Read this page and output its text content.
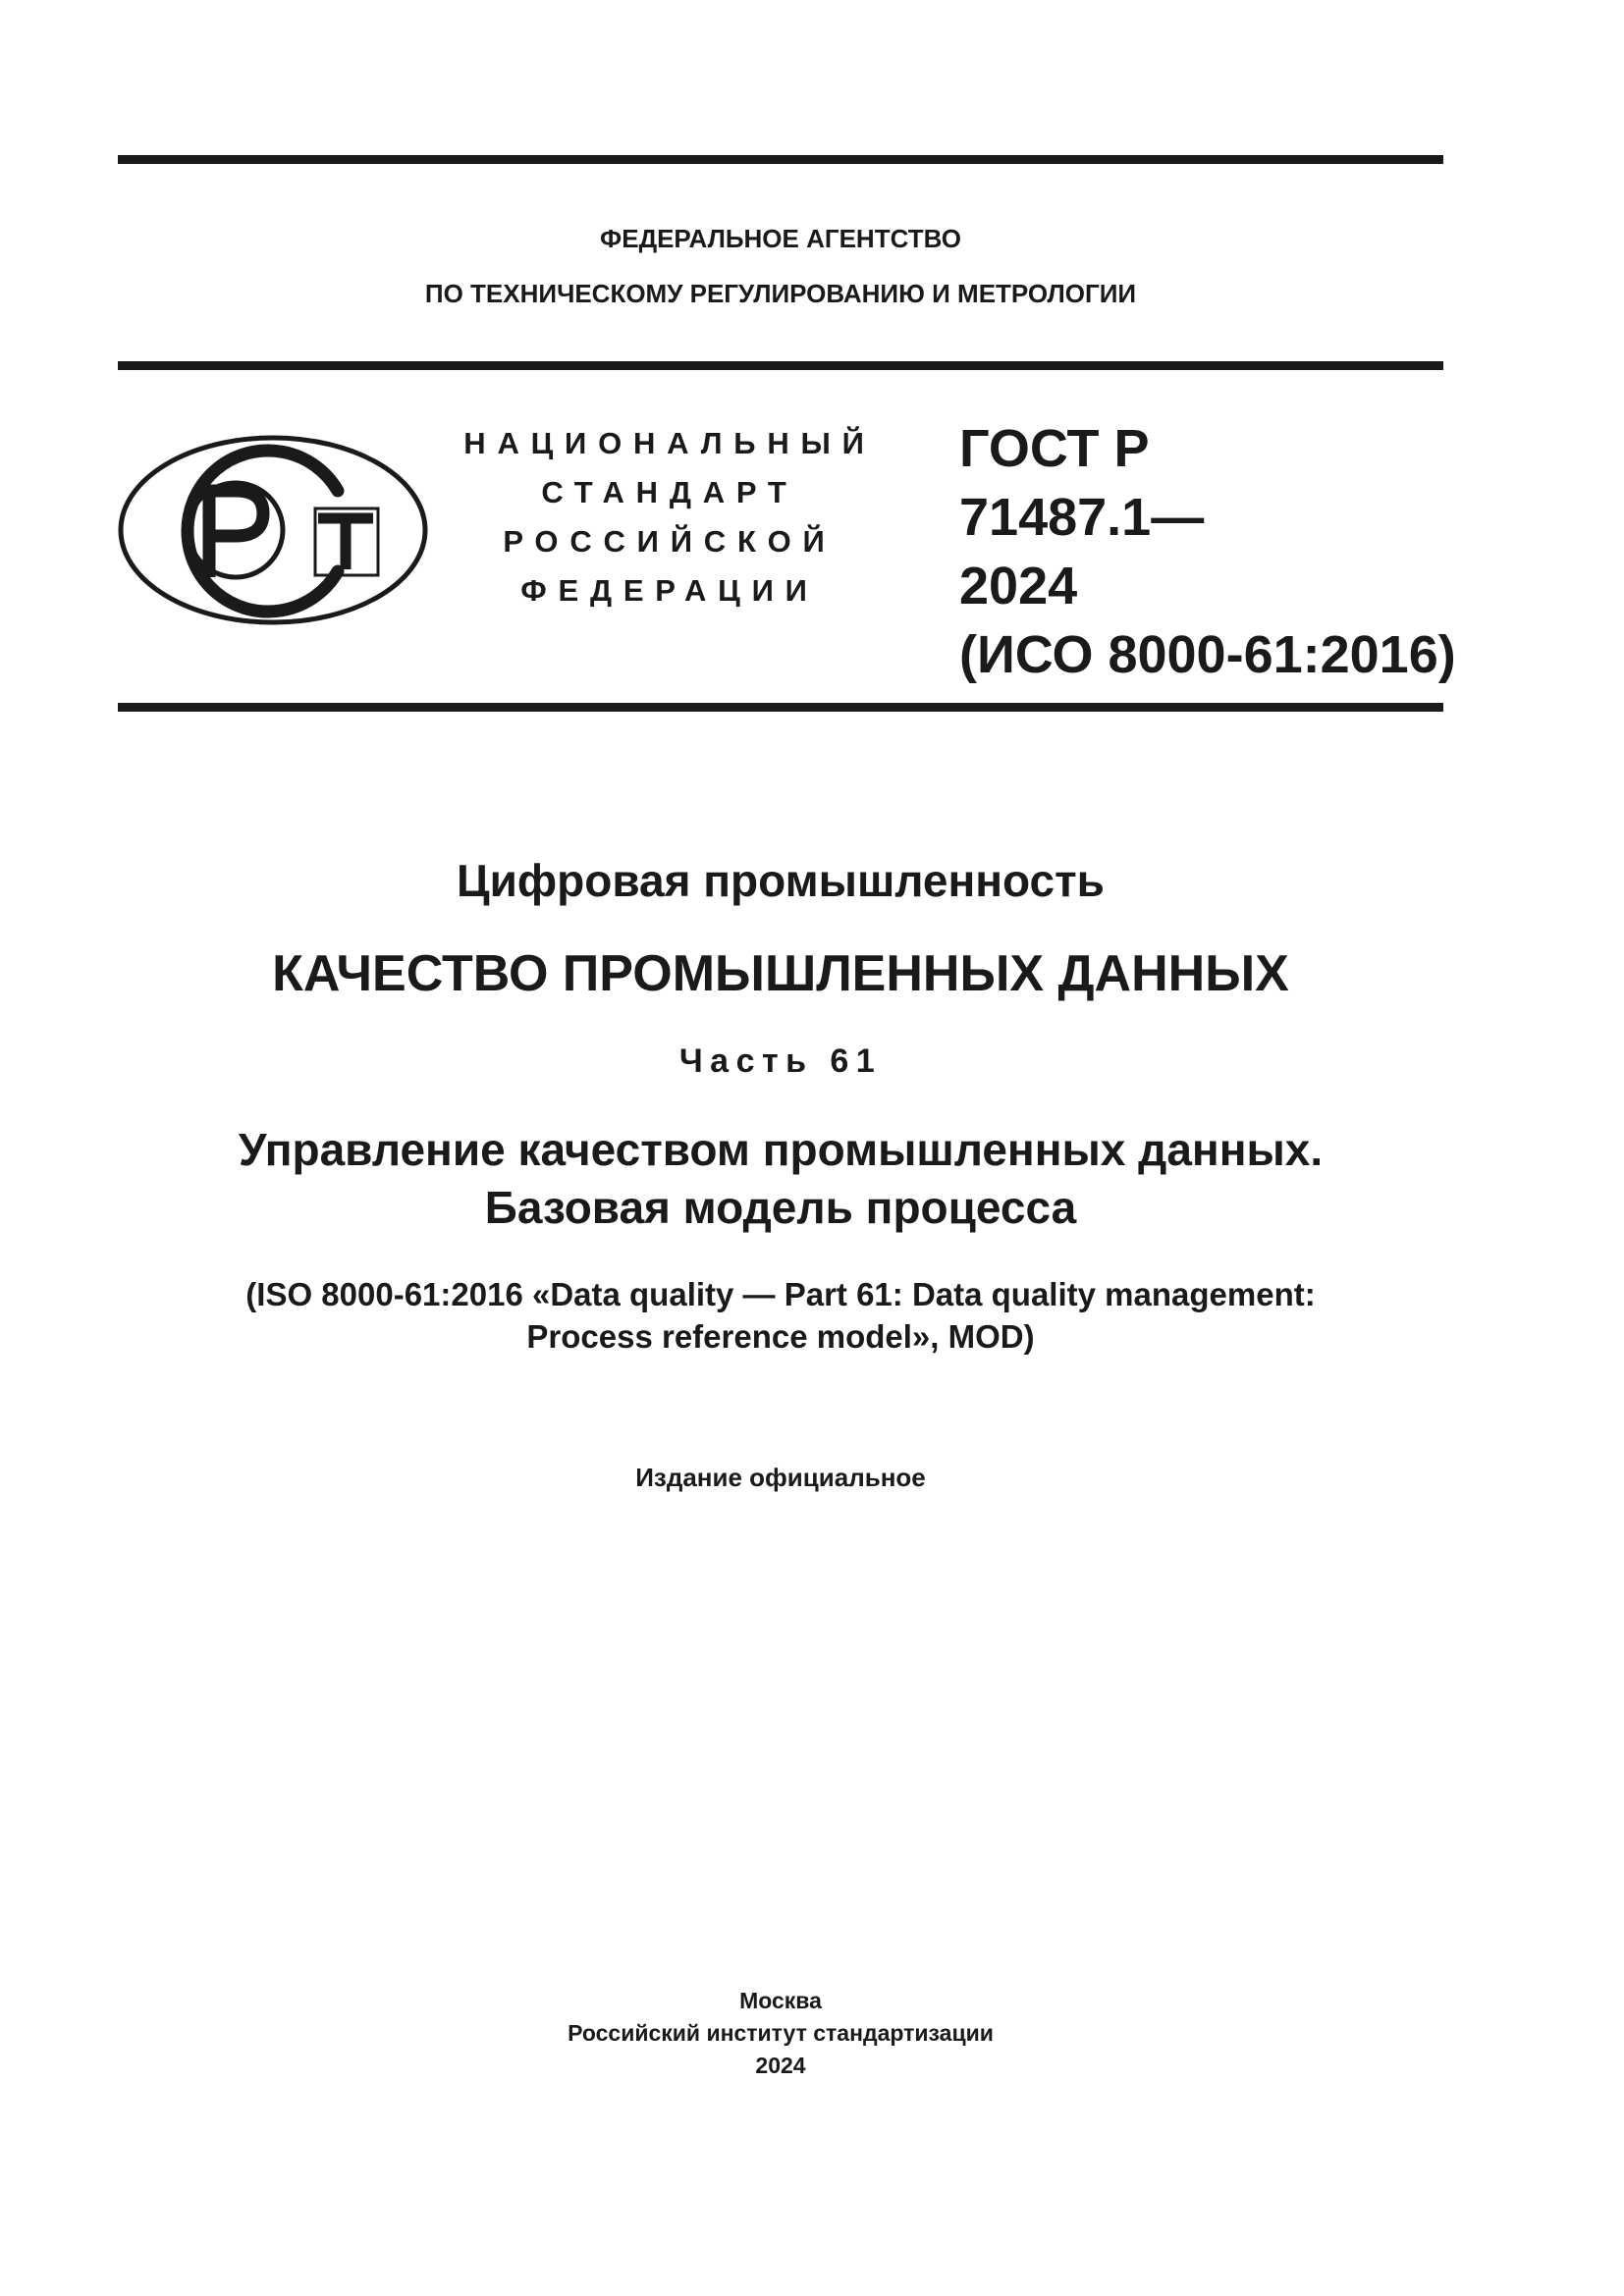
ФЕДЕРАЛЬНОЕ АГЕНТСТВО
ПО ТЕХНИЧЕСКОМУ РЕГУЛИРОВАНИЮ И МЕТРОЛОГИИ
НАЦИОНАЛЬНЫЙ
СТАНДАРТ
РОССИЙСКОЙ
ФЕДЕРАЦИИ
ГОСТ Р
71487.1—
2024
(ИСО 8000-61:2016)
Цифровая промышленность
КАЧЕСТВО ПРОМЫШЛЕННЫХ ДАННЫХ
Часть 61
Управление качеством промышленных данных.
Базовая модель процесса
(ISO 8000-61:2016 «Data quality — Part 61: Data quality management:
Process reference model», MOD)
Издание официальное
Москва
Российский институт стандартизации
2024
